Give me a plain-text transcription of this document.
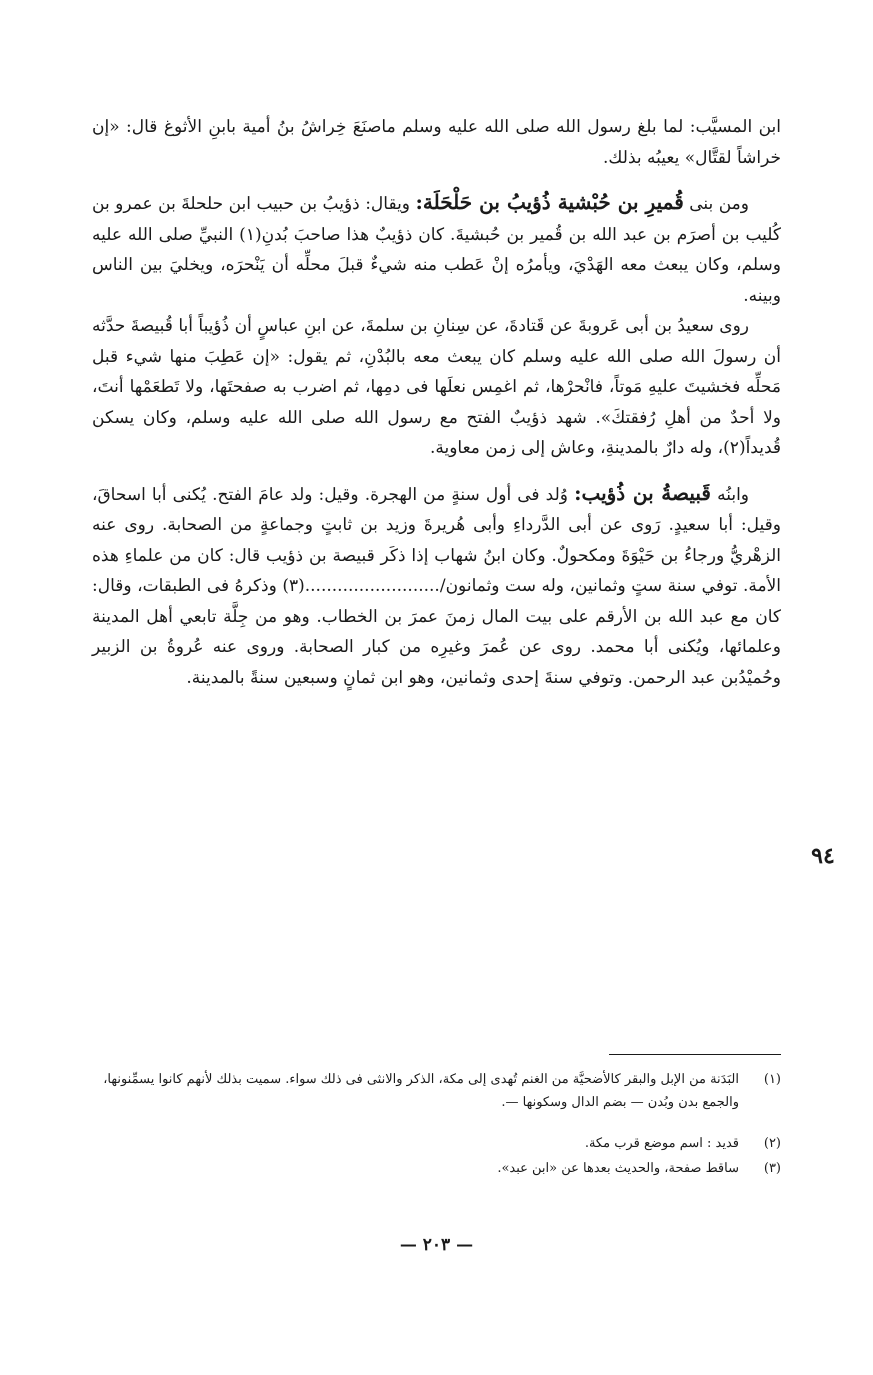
ابن المسيَّب: لما بلغ رسول الله صلى الله عليه وسلم ماصنَعَ خِراشُ بنُ أمية بابنِ الأثوغ قال: «إن خراشاً لقتَّال» يعيبُه بذلك.

ومن بنى قُميرِ بن حُبْشية ذُؤيبُ بن حَلْحَلَة: ويقال: ذؤيبُ بن حبيب ابن حلحلةَ بن عمرو بن كُليب بن أصرَم بن عبد الله بن قُمير بن حُبشيةَ. كان ذؤيبٌ هذا صاحبَ بُدنِ(١) النبيِّ صلى الله عليه وسلم، وكان يبعث معه الهَدْيَ، ويأمرُه إنْ عَطب منه شيءٌ قبلَ محلِّه أن يَنْحرَه، ويخليَ بين الناس وبينه.

روى سعيدُ بن أبى عَروبةَ عن قَتادةَ، عن سِنانِ بن سلمةَ، عن ابنِ عباسٍ أن ذُؤيباً أبا قُبيصةَ حدَّثه أن رسولَ الله صلى الله عليه وسلم كان يبعث معه بالبُدْنِ، ثم يقول: «إن عَطِبَ منها شيء قبل مَحلِّه فخشيتَ عليهِ مَوتاً، فانْحرْها، ثم اغمِس نعلَها فى دمِها، ثم اضرب به صفحتَها، ولا تَطعَمْها أنتَ، ولا أحدٌ من أهلِ رُفقتكَ». شهد ذؤيبٌ الفتح مع رسول الله صلى الله عليه وسلم، وكان يسكن قُديداً(٢)، وله دارٌ بالمدينةِ، وعاش إلى زمن معاوية.

وابنُه قَبيصةُ بن ذُؤيب: وُلد فى أول سنةٍ من الهجرة. وقيل: ولد عامَ الفتح. يُكنى أبا اسحاقَ، وقيل: أبا سعيدٍ. رَوى عن أبى الدَّرداءِ وأبى هُريرةَ وزيد بن ثابتٍ وجماعةٍ من الصحابة. روى عنه الزهْريُّ ورجاءُ بن حَيْوَةَ ومكحولٌ. وكان ابنُ شهاب إذا ذكَر قبيصة بن ذؤيب قال: كان من علماءِ هذه الأمة. توفي سنة ستٍ وثمانين، وله ست وثمانون/.........................(٣) وذكرهُ فى الطبقات، وقال: كان مع عبد الله بن الأرقم على بيت المال زمنَ عمرَ بن الخطاب. وهو من جِلَّة تابعي أهل المدينة وعلمائها، ويُكنى أبا محمد. روى عن عُمرَ وغيرِه من كبار الصحابة. وروى عنه عُروةُ بن الزبير وحُميْدُبن عبد الرحمن. وتوفي سنةَ إحدى وثمانين، وهو ابن ثمانٍ وسبعين سنةً بالمدينة.

٩٤
(١)
البَدَنة من الإبل والبقر كالأضحيَّة من الغنم تُهدى إلى مكة، الذكر والانثى فى ذلك سواء. سميت بذلك لأنهم كانوا يسمِّنونها، والجمع بدن وبُدن — بضم الدال وسكونها —.
(٢)
قديد : اسم موضع قرب مكة.
(٣)
ساقط صفحة، والحديث بعدها عن «ابن عبد».
— ٢٠٣ —
